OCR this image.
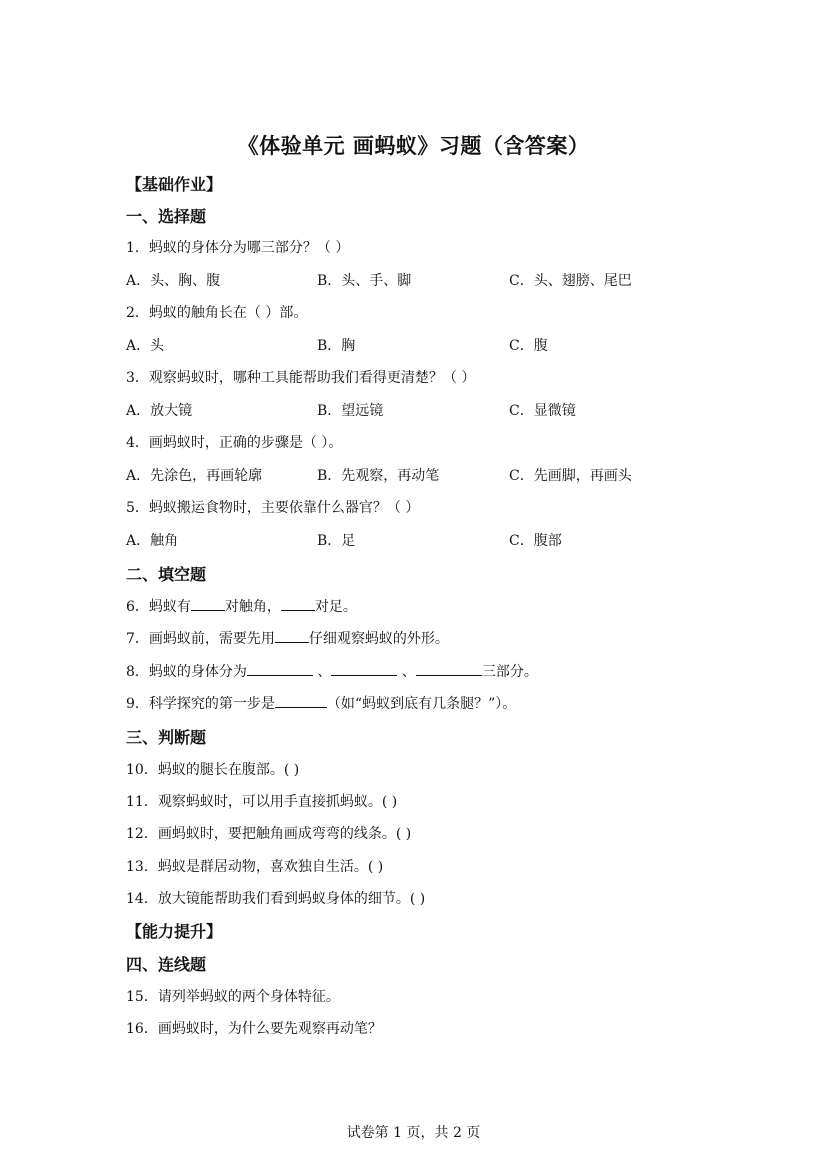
《体验单元 画蚂蚁》习题（含答案）
【基础作业】
一、选择题
1．蚂蚁的身体分为哪三部分？（ ）
A．头、胸、腹	B．头、手、脚	C．头、翅膀、尾巴
2．蚂蚁的触角长在（ ）部。
A．头	B．胸	C．腹
3．观察蚂蚁时，哪种工具能帮助我们看得更清楚？（ ）
A．放大镜	B．望远镜	C．显微镜
4．画蚂蚁时，正确的步骤是（ ）。
A．先涂色，再画轮廓	B．先观察，再动笔	C．先画脚，再画头
5．蚂蚁搬运食物时，主要依靠什么器官？（ ）
A．触角	B．足	C．腹部
二、填空题
6．蚂蚁有 对触角， 对足。
7．画蚂蚁前，需要先用 仔细观察蚂蚁的外形。
8．蚂蚁的身体分为	、	、	三部分。
9．科学探究的第一步是	（如“蚂蚁到底有几条腿？”）。
三、判断题
10．蚂蚁的腿长在腹部。( )
11．观察蚂蚁时，可以用手直接抓蚂蚁。( )
12．画蚂蚁时，要把触角画成弯弯的线条。( )
13．蚂蚁是群居动物，喜欢独自生活。( )
14．放大镜能帮助我们看到蚂蚁身体的细节。( )
【能力提升】
四、连线题
15．请列举蚂蚁的两个身体特征。
16．画蚂蚁时，为什么要先观察再动笔？
试卷第 1 页，共 2 页
